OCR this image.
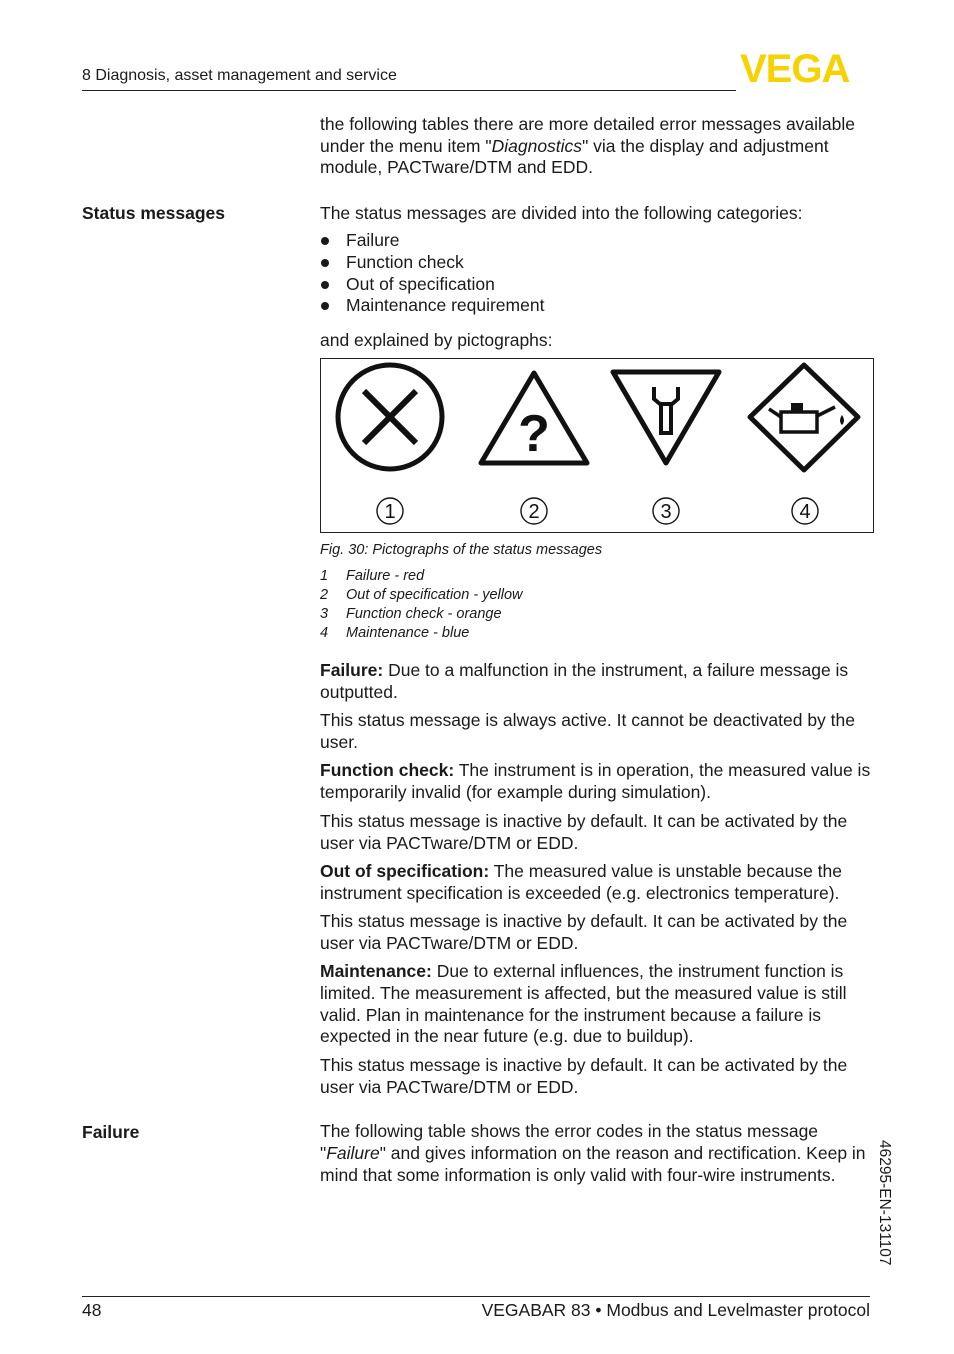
8 Diagnosis, asset management and service	VEGA
the following tables there are more detailed error messages available under the menu item "Diagnostics" via the display and adjustment module, PACTware/DTM and EDD.
Status messages	The status messages are divided into the following categories:
Failure
Function check
Out of specification
Maintenance requirement
and explained by pictographs:
?
1	2	3	4
Fig. 30: Pictographs of the status messages
1	Failure - red
2	Out of specification - yellow
3	Function check - orange
4	Maintenance - blue
Failure: Due to a malfunction in the instrument, a failure message is outputted.
This status message is always active. It cannot be deactivated by the user.
Function check: The instrument is in operation, the measured value is temporarily invalid (for example during simulation).
This status message is inactive by default. It can be activated by the user via PACTware/DTM or EDD.
Out of specification: The measured value is unstable because the instrument specification is exceeded (e.g. electronics temperature).
This status message is inactive by default. It can be activated by the user via PACTware/DTM or EDD.
Maintenance: Due to external influences, the instrument function is limited. The measurement is affected, but the measured value is still valid. Plan in maintenance for the instrument because a failure is expected in the near future (e.g. due to buildup).
This status message is inactive by default. It can be activated by the user via PACTware/DTM or EDD.
Failure	The following table shows the error codes in the status message "Failure" and gives information on the reason and rectification. Keep in mind that some information is only valid with four-wire instruments.	46295-EN-131107
48	VEGABAR 83 • Modbus and Levelmaster protocol
